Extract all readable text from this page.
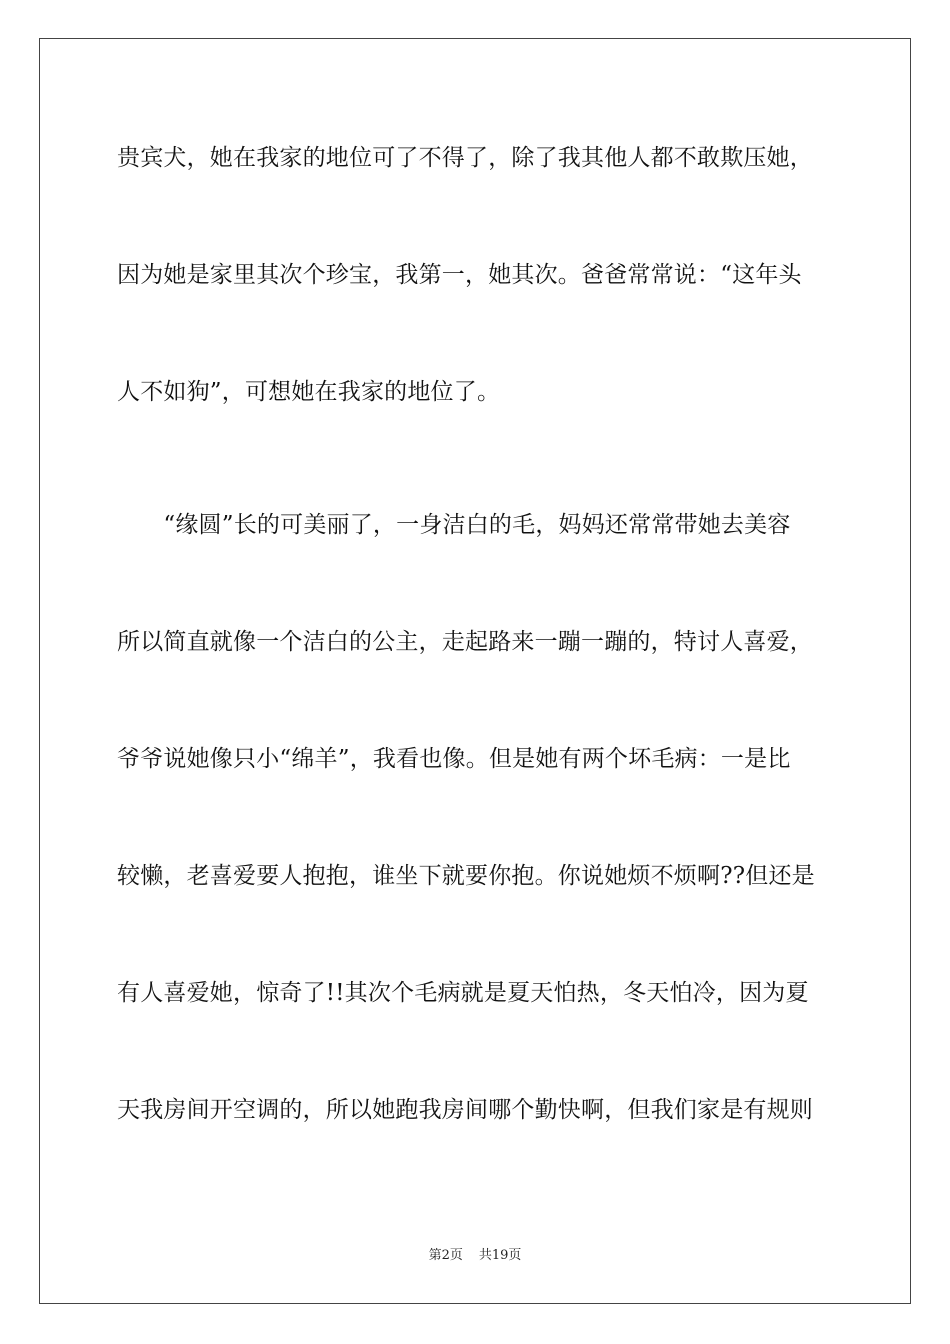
贵宾犬，她在我家的地位可了不得了，除了我其他人都不敢欺压她，
因为她是家里其次个珍宝，我第一，她其次。爸爸常常说：“这年头
人不如狗”，可想她在我家的地位了。
　　“缘圆”长的可美丽了，一身洁白的毛，妈妈还常常带她去美容
所以简直就像一个洁白的公主，走起路来一蹦一蹦的，特讨人喜爱，
爷爷说她像只小“绵羊”，我看也像。但是她有两个坏毛病：一是比
较懒，老喜爱要人抱抱，谁坐下就要你抱。你说她烦不烦啊??但还是
有人喜爱她，惊奇了!!其次个毛病就是夏天怕热，冬天怕冷，因为夏
天我房间开空调的，所以她跑我房间哪个勤快啊，但我们家是有规则
第2页 共19页
